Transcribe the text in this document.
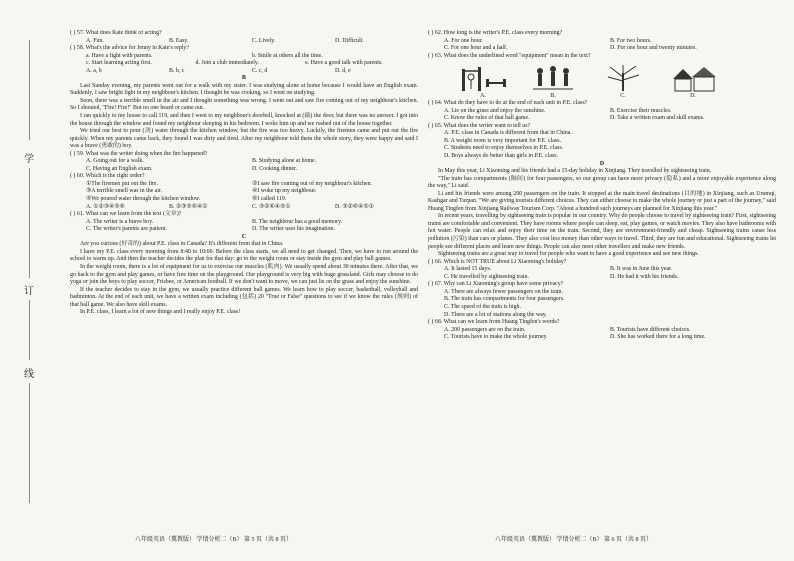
学
订
线

( ) 57. What does Kate think of acting?

A. Fun.	B. Easy.	C. Lively.	D. Difficult.

( ) 58. What's the advice for Jenny in Kate's reply?

a. Have a fight with parents.	b. Smile at others all the time.
c. Start learning acting first.	d. Join a club immediately.	e. Have a good talk with parents.
A. a, b	B. b, c	C. c, d	D. d, e

B

Last Sunday evening, my parents went out for a walk with my sister. I was studying alone at home because I would have an English exam. Suddenly, I saw bright light in my neighbour's kitchen. I thought he was cooking, so I went on studying.

Soon, there was a terrible smell in the air and I thought something was wrong. I went out and saw fire coming out of my neighbour's kitchen. So I shouted, "Fire! Fire!" But no one heard or came out.

I ran quickly to my house to call 119, and then I went to my neighbour's doorbell, knocked at (敲) the door, but there was no answer. I got into the house through the window and found my neighbour sleeping in his bedroom. I woke him up and we rushed out of the house together.

We tried our best to pour (浇) water through the kitchen window, but the fire was too heavy. Luckily, the firemen came and put out the fire quickly. When my parents came back, they found I was dirty and tired. After my neighbour told them the whole story, they were happy and said I was a brave (勇敢的) boy.

( ) 59. What was the writer doing when the fire happened?

A. Going out for a walk.	B. Studying alone at home.
C. Having an English exam.	D. Cooking dinner.

( ) 60. Which is the right order?

①The firemen put out the fire.	②I saw fire coming out of my neighbour's kitchen.
③A terrible smell was in the air.	④I woke up my neighbour.
⑤We poured water through the kitchen window.	⑥I called 119.
A. ①②③④⑤⑥	B. ②③⑤⑥④①	C. ③②⑥④⑤①	D. ③②⑥④⑤①

( ) 61. What can we learn from the text (文章)?

A. The writer is a brave boy.	B. The neighbour has a good memory.
C. The writer's parents are patient.	D. The writer uses his imagination.

C

Are you curious (好奇的) about P.E. class in Canada? It's different from that in China.

I have my P.E. class every morning from 8:40 to 10:00. Before the class starts, we all need to get changed. Then, we have to run around the school to warm up. And then the teacher decides the plan for that day: go to the weight room or stay inside the gym and play ball games.

In the weight room, there is a lot of equipment for us to exercise our muscles (肌肉). We usually spend about 30 minutes there. After that, we go back to the gym and play games, or have free time on the playground. Our playground is very big with huge grassland. Girls may choose to do yoga or join the boys to play soccer, Frisbee, or American football. If we don't want to move, we can just lie on the grass and enjoy the sunshine.

If the teacher decides to stay in the gym, we usually practice different ball games. We learn how to play soccer, basketball, volleyball and badminton. At the end of each unit, we have a written exam including (包括) 20 "True or False" questions to see if we know the rules (规则) of that ball game. We also have skill exams.

In P.E. class, I learn a lot of new things and I really enjoy P.E. class!

八年级英语（冀教版） 学情分析二（B） 第 5 页（共 8 页）

( ) 62. How long is the writer's P.E. class every morning?

A. For one hour.	B. For two hours.
C. For one hour and a half.	D. For one hour and twenty minutes.

( ) 63. What does the underlined word "equipment" mean in the text?

A.	B.	C.	D.

( ) 64. What do they have to do at the end of each unit in P.E. class?

A. Lie on the grass and enjoy the sunshine.	B. Exercise their muscles.
C. Know the rules of that ball game.	D. Take a written exam and skill exams.

( ) 65. What does the writer want to tell us?

A. P.E. class in Canada is different from that in China.

B. A weight room is very important for P.E. class.

C. Students need to enjoy themselves in P.E. class.

D. Boys always do better than girls in P.E. class.

D

In May this year, Li Xiaoming and his friends had a 15-day holiday in Xinjiang. They travelled by sightseeing train.

"The train has compartments (隔间) for four passengers, so our group can have more privacy (隐私) and a more enjoyable experience along the way," Li said.

Li and his friends were among 200 passengers on the train. It stopped at the main travel destinations (目的地) in Xinjiang, such as Urumqi, Kashgar and Turpan. "We are giving tourists different choices. They can either choose to make the whole journey or just a part of the journey," said Huang Tingfen from Xinjiang Railway Tourism Corp. "About a hundred such journeys are planned for Xinjiang this year."

In recent years, travelling by sightseeing train is popular in our country. Why do people choose to travel by sightseeing train? First, sightseeing trains are comfortable and convenient. They have rooms where people can sleep, eat, play games, or watch movies. They also have bathrooms with hot water. People can relax and enjoy their time on the train. Second, they are environment-friendly and cheap. Sightseeing trains cause less pollution (污染) than cars or planes. They also cost less money than other ways to travel. Third, they are fun and educational. Sightseeing trains let people see different places and learn new things. People can also meet other travellers and make new friends.

Sightseeing trains are a great way to travel for people who want to have a good experience and see new things.

( ) 66. Which is NOT TRUE about Li Xiaoming's holiday?

A. It lasted 15 days.	B. It was in June this year.
C. He travelled by sightseeing train.	D. He had it with his friends.

( ) 67. Why can Li Xiaoming's group have some privacy?

A. There are always fewer passengers on the train.

B. The train has compartments for four passengers.

C. The speed of the train is high.

D. There are a lot of stations along the way.

( ) 68. What can we learn from Huang Tingfen's words?

A. 200 passengers are on the train.	B. Tourists have different choices.
C. Tourists have to make the whole journey.	D. She has worked there for a long time.
八年级英语（冀教版） 学情分析二（B） 第 6 页（共 8 页）
